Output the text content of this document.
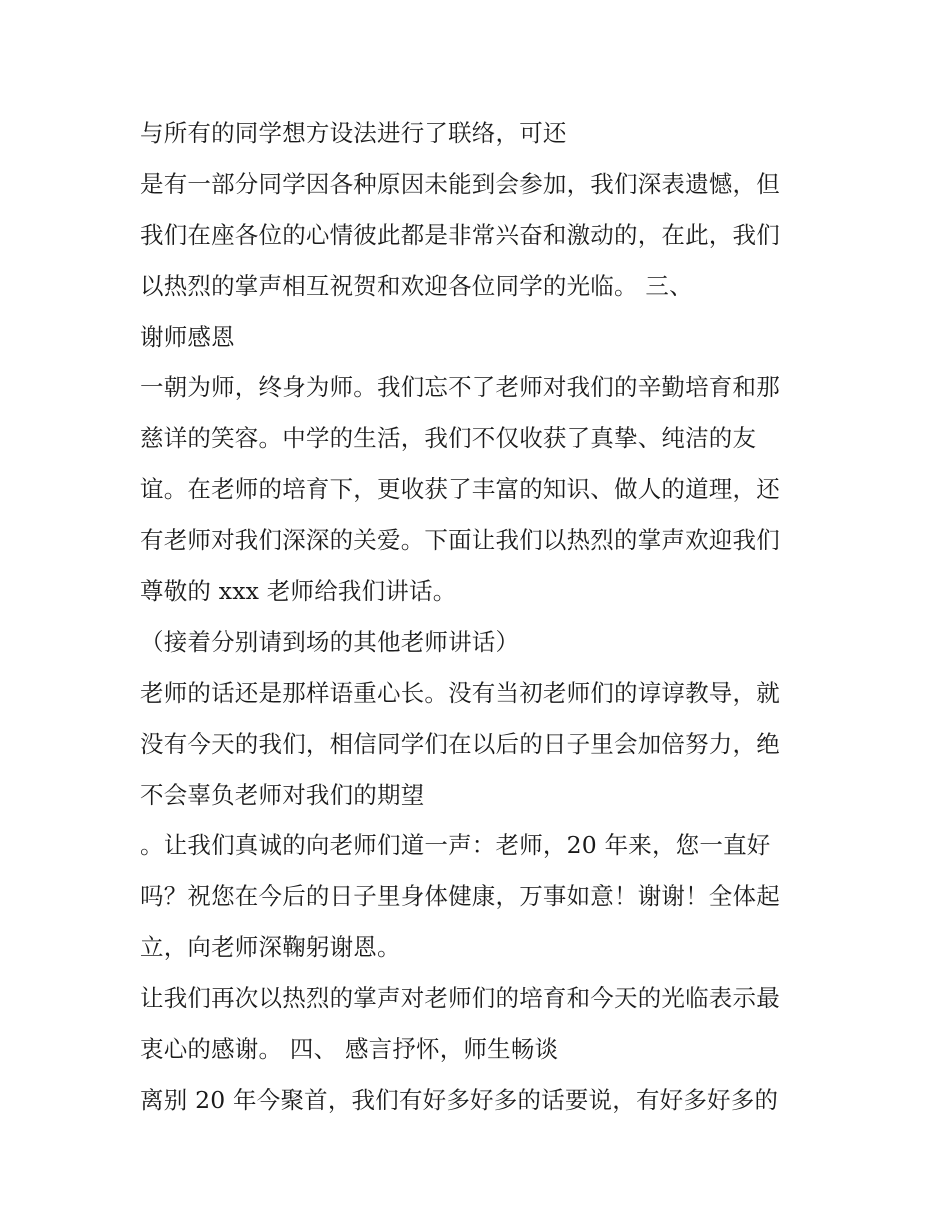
与所有的同学想方设法进行了联络，可还
是有一部分同学因各种原因未能到会参加，我们深表遗憾，但
我们在座各位的心情彼此都是非常兴奋和激动的，在此，我们
以热烈的掌声相互祝贺和欢迎各位同学的光临。 三、
谢师感恩
一朝为师，终身为师。我们忘不了老师对我们的辛勤培育和那
慈详的笑容。中学的生活，我们不仅收获了真挚、纯洁的友
谊。在老师的培育下，更收获了丰富的知识、做人的道理，还
有老师对我们深深的关爱。下面让我们以热烈的掌声欢迎我们
尊敬的 xxx 老师给我们讲话。
（接着分别请到场的其他老师讲话）
老师的话还是那样语重心长。没有当初老师们的谆谆教导，就
没有今天的我们，相信同学们在以后的日子里会加倍努力，绝
不会辜负老师对我们的期望
。让我们真诚的向老师们道一声：老师，20 年来，您一直好
吗？祝您在今后的日子里身体健康，万事如意！谢谢！全体起
立，向老师深鞠躬谢恩。
让我们再次以热烈的掌声对老师们的培育和今天的光临表示最
衷心的感谢。 四、 感言抒怀，师生畅谈
离别 20 年今聚首，我们有好多好多的话要说，有好多好多的
